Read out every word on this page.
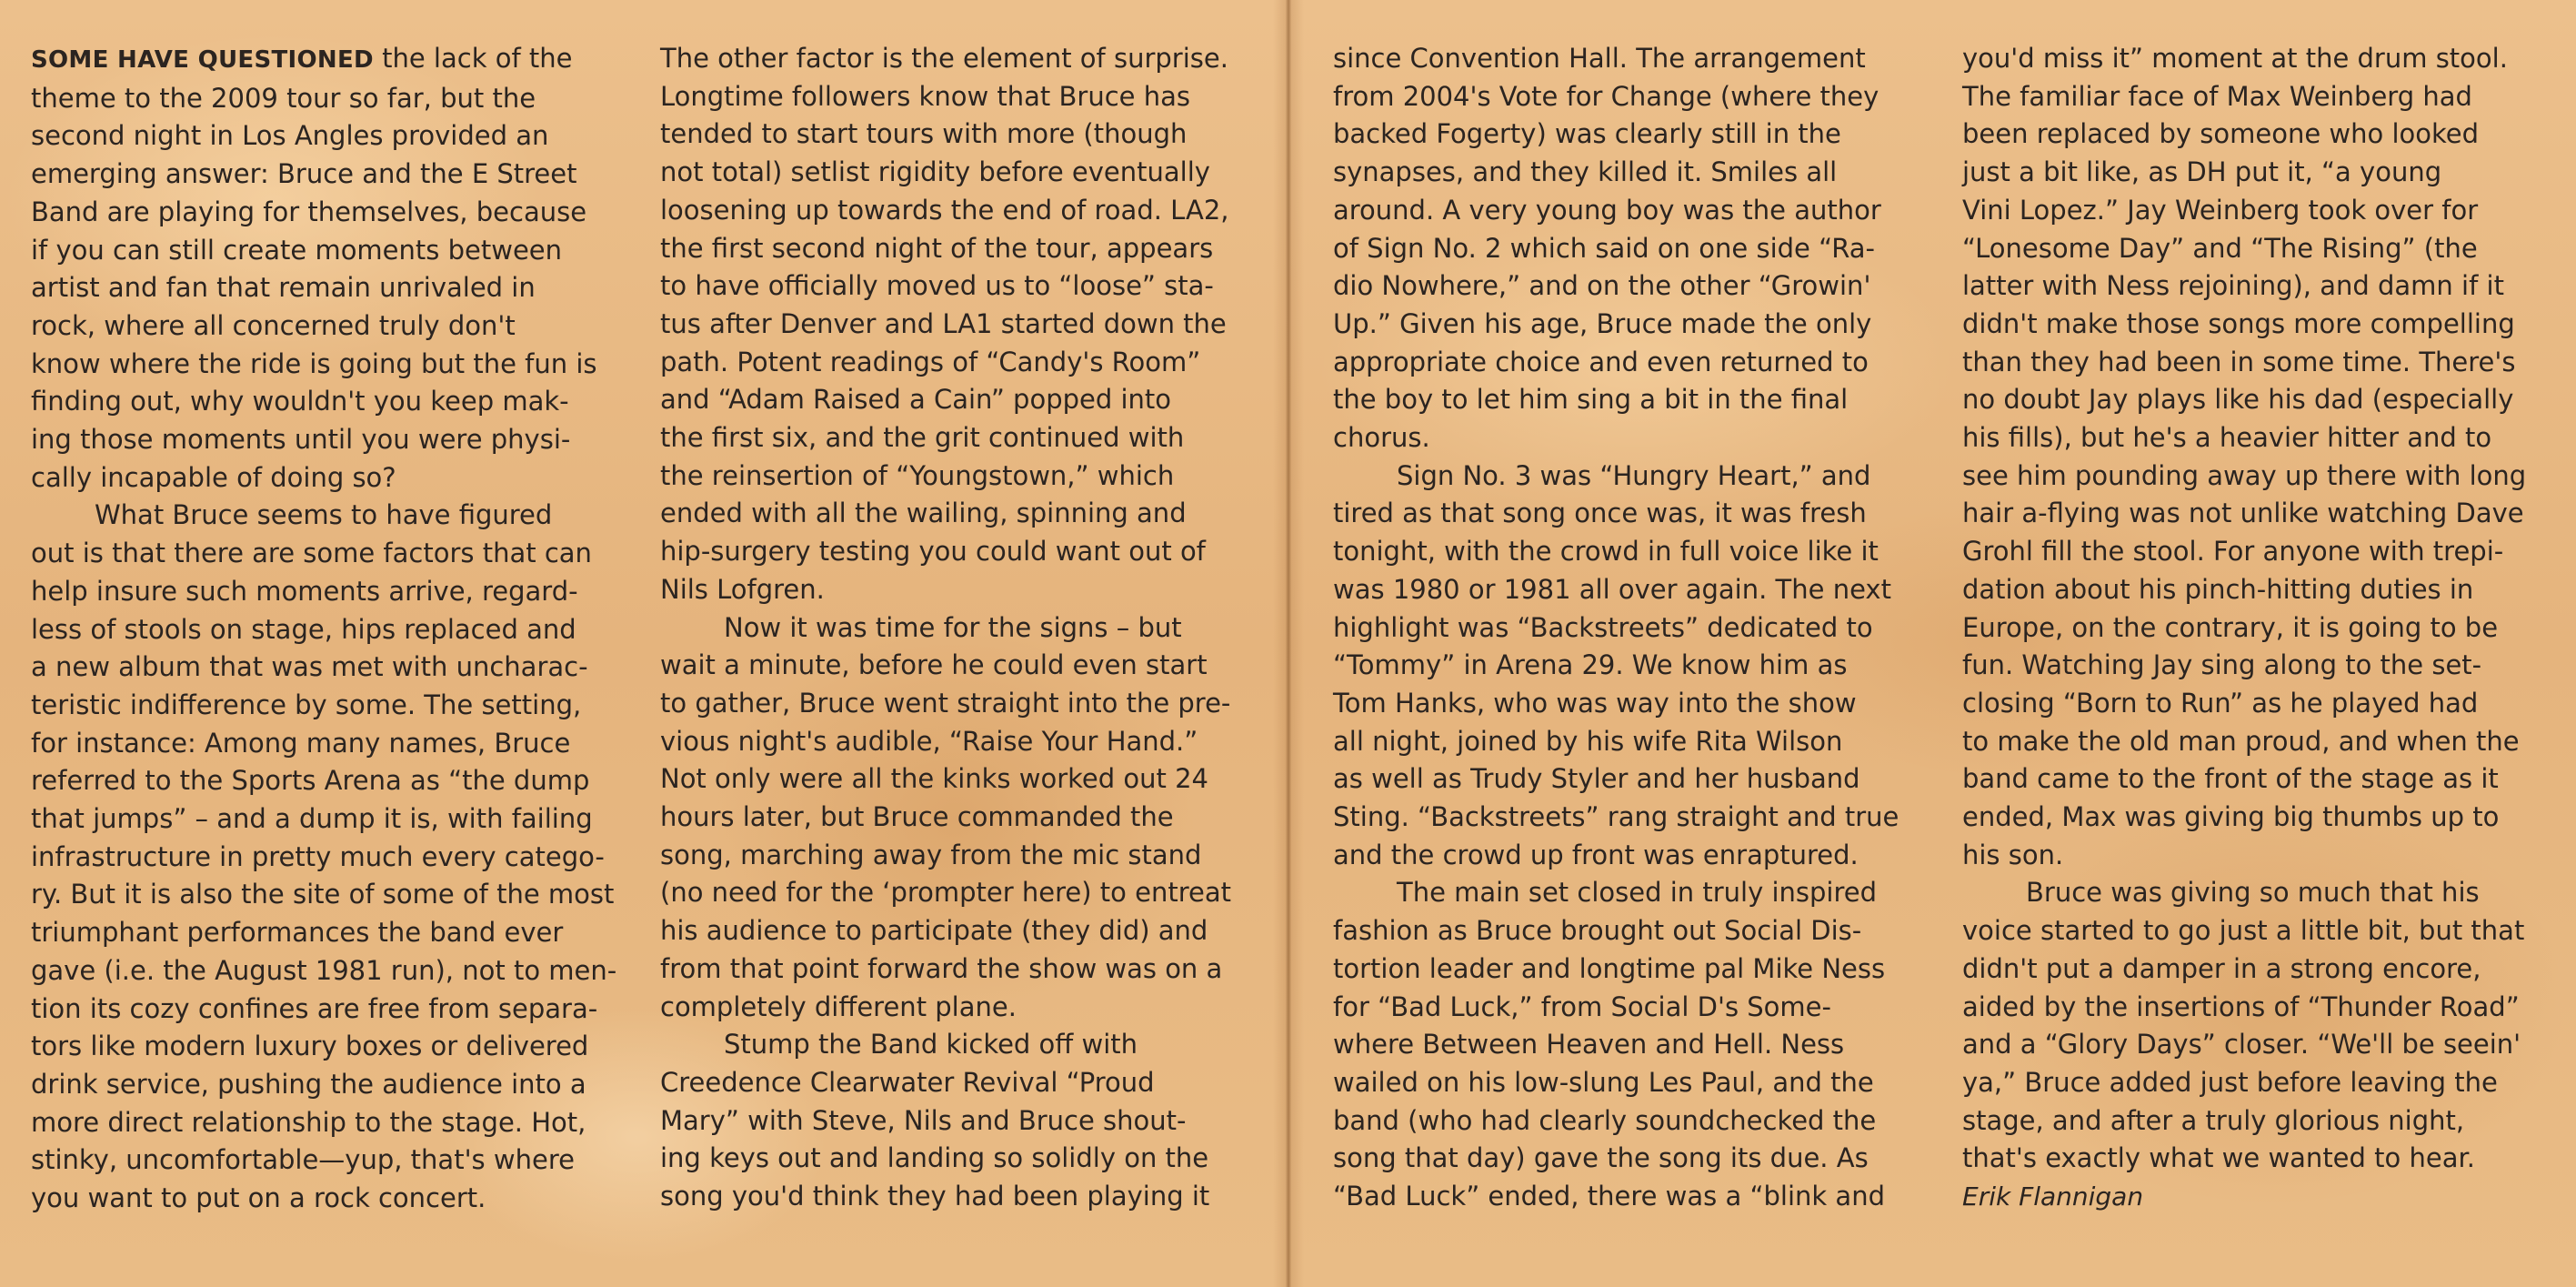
SOME HAVE QUESTIONED the lack of the
theme to the 2009 tour so far, but the
second night in Los Angles provided an
emerging answer: Bruce and the E Street
Band are playing for themselves, because
if you can still create moments between
artist and fan that remain unrivaled in
rock, where all concerned truly don't
know where the ride is going but the fun is
finding out, why wouldn't you keep mak-
ing those moments until you were physi-
cally incapable of doing so?

What Bruce seems to have figured
out is that there are some factors that can
help insure such moments arrive, regard-
less of stools on stage, hips replaced and
a new album that was met with uncharac-
teristic indifference by some. The setting,
for instance: Among many names, Bruce
referred to the Sports Arena as “the dump
that jumps” – and a dump it is, with failing
infrastructure in pretty much every catego-
ry. But it is also the site of some of the most
triumphant performances the band ever
gave (i.e. the August 1981 run), not to men-
tion its cozy confines are free from separa-
tors like modern luxury boxes or delivered
drink service, pushing the audience into a
more direct relationship to the stage. Hot,
stinky, uncomfortable—yup, that's where
you want to put on a rock concert.

The other factor is the element of surprise.
Longtime followers know that Bruce has
tended to start tours with more (though
not total) setlist rigidity before eventually
loosening up towards the end of road. LA2,
the first second night of the tour, appears
to have officially moved us to “loose” sta-
tus after Denver and LA1 started down the
path. Potent readings of “Candy's Room”
and “Adam Raised a Cain” popped into
the first six, and the grit continued with
the reinsertion of “Youngstown,” which
ended with all the wailing, spinning and
hip-surgery testing you could want out of
Nils Lofgren.

Now it was time for the signs – but
wait a minute, before he could even start
to gather, Bruce went straight into the pre-
vious night's audible, “Raise Your Hand.”
Not only were all the kinks worked out 24
hours later, but Bruce commanded the
song, marching away from the mic stand
(no need for the ‘prompter here) to entreat
his audience to participate (they did) and
from that point forward the show was on a
completely different plane.

Stump the Band kicked off with
Creedence Clearwater Revival “Proud
Mary” with Steve, Nils and Bruce shout-
ing keys out and landing so solidly on the
song you'd think they had been playing it

since Convention Hall. The arrangement
from 2004's Vote for Change (where they
backed Fogerty) was clearly still in the
synapses, and they killed it. Smiles all
around. A very young boy was the author
of Sign No. 2 which said on one side “Ra-
dio Nowhere,” and on the other “Growin'
Up.” Given his age, Bruce made the only
appropriate choice and even returned to
the boy to let him sing a bit in the final
chorus.

Sign No. 3 was “Hungry Heart,” and
tired as that song once was, it was fresh
tonight, with the crowd in full voice like it
was 1980 or 1981 all over again. The next
highlight was “Backstreets” dedicated to
“Tommy” in Arena 29. We know him as
Tom Hanks, who was way into the show
all night, joined by his wife Rita Wilson
as well as Trudy Styler and her husband
Sting. “Backstreets” rang straight and true
and the crowd up front was enraptured.

The main set closed in truly inspired
fashion as Bruce brought out Social Dis-
tortion leader and longtime pal Mike Ness
for “Bad Luck,” from Social D's Some-
where Between Heaven and Hell. Ness
wailed on his low-slung Les Paul, and the
band (who had clearly soundchecked the
song that day) gave the song its due. As
“Bad Luck” ended, there was a “blink and

you'd miss it” moment at the drum stool.
The familiar face of Max Weinberg had
been replaced by someone who looked
just a bit like, as DH put it, “a young
Vini Lopez.” Jay Weinberg took over for
“Lonesome Day” and “The Rising” (the
latter with Ness rejoining), and damn if it
didn't make those songs more compelling
than they had been in some time. There's
no doubt Jay plays like his dad (especially
his fills), but he's a heavier hitter and to
see him pounding away up there with long
hair a-flying was not unlike watching Dave
Grohl fill the stool. For anyone with trepi-
dation about his pinch-hitting duties in
Europe, on the contrary, it is going to be
fun. Watching Jay sing along to the set-
closing “Born to Run” as he played had
to make the old man proud, and when the
band came to the front of the stage as it
ended, Max was giving big thumbs up to
his son.

Bruce was giving so much that his
voice started to go just a little bit, but that
didn't put a damper in a strong encore,
aided by the insertions of “Thunder Road”
and a “Glory Days” closer. “We'll be seein'
ya,” Bruce added just before leaving the
stage, and after a truly glorious night,
that's exactly what we wanted to hear.

Erik Flannigan
